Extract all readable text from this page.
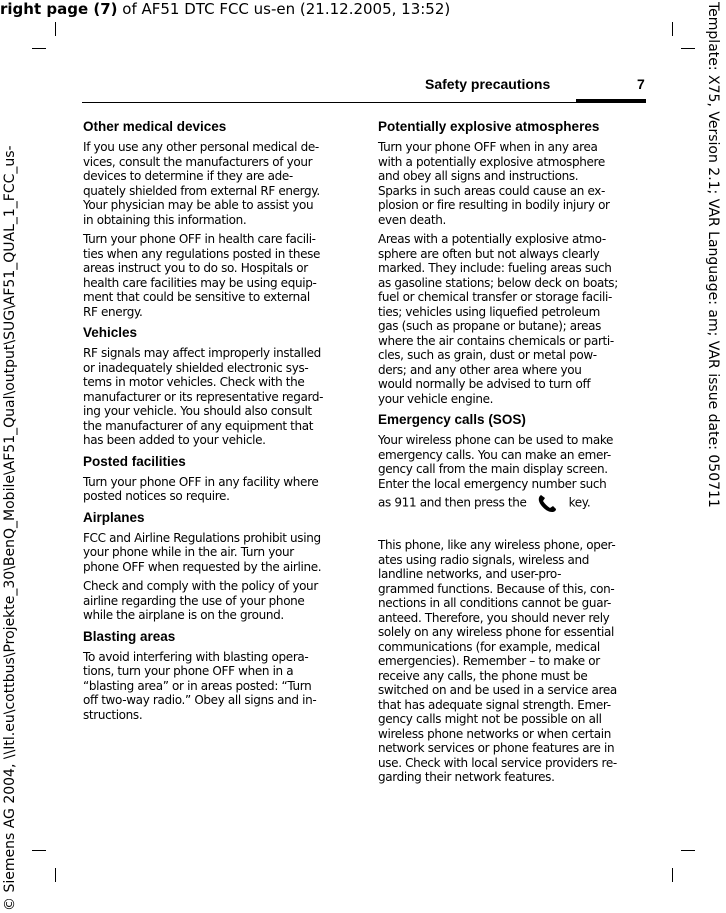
right page (7) of AF51 DTC FCC us-en (21.12.2005, 13:52)	Template: X75, Version 2.1; VAR Language: am; VAR issue date: 050711
© Siemens AG 2004, \\Itl.eu\cottbus\Projekte_30\BenQ_Mobile\AF51_Qual\output\SUG\AF51_QUAL_1_FCC_us-
Safety precautions	7
Other medical devices
If you use any other personal medical de-
vices, consult the manufacturers of your
devices to determine if they are ade-
quately shielded from external RF energy.
Your physician may be able to assist you
in obtaining this information.
Turn your phone OFF in health care facili-
ties when any regulations posted in these
areas instruct you to do so. Hospitals or
health care facilities may be using equip-
ment that could be sensitive to external
RF energy.
Vehicles
RF signals may affect improperly installed
or inadequately shielded electronic sys-
tems in motor vehicles. Check with the
manufacturer or its representative regard-
ing your vehicle. You should also consult
the manufacturer of any equipment that
has been added to your vehicle.
Posted facilities
Turn your phone OFF in any facility where
posted notices so require.
Airplanes
FCC and Airline Regulations prohibit using
your phone while in the air. Turn your
phone OFF when requested by the airline.
Check and comply with the policy of your
airline regarding the use of your phone
while the airplane is on the ground.
Blasting areas
To avoid interfering with blasting opera-
tions, turn your phone OFF when in a
“blasting area” or in areas posted: “Turn
off two-way radio.” Obey all signs and in-
structions.
Potentially explosive atmospheres
Turn your phone OFF when in any area
with a potentially explosive atmosphere
and obey all signs and instructions.
Sparks in such areas could cause an ex-
plosion or fire resulting in bodily injury or
even death.
Areas with a potentially explosive atmo-
sphere are often but not always clearly
marked. They include: fueling areas such
as gasoline stations; below deck on boats;
fuel or chemical transfer or storage facili-
ties; vehicles using liquefied petroleum
gas (such as propane or butane); areas
where the air contains chemicals or parti-
cles, such as grain, dust or metal pow-
ders; and any other area where you
would normally be advised to turn off
your vehicle engine.
Emergency calls (SOS)
Your wireless phone can be used to make
emergency calls. You can make an emer-
gency call from the main display screen.
Enter the local emergency number such
as 911 and then press the	key.
This phone, like any wireless phone, oper-
ates using radio signals, wireless and
landline networks, and user-pro-
grammed functions. Because of this, con-
nections in all conditions cannot be guar-
anteed. Therefore, you should never rely
solely on any wireless phone for essential
communications (for example, medical
emergencies). Remember – to make or
receive any calls, the phone must be
switched on and be used in a service area
that has adequate signal strength. Emer-
gency calls might not be possible on all
wireless phone networks or when certain
network services or phone features are in
use. Check with local service providers re-
garding their network features.
